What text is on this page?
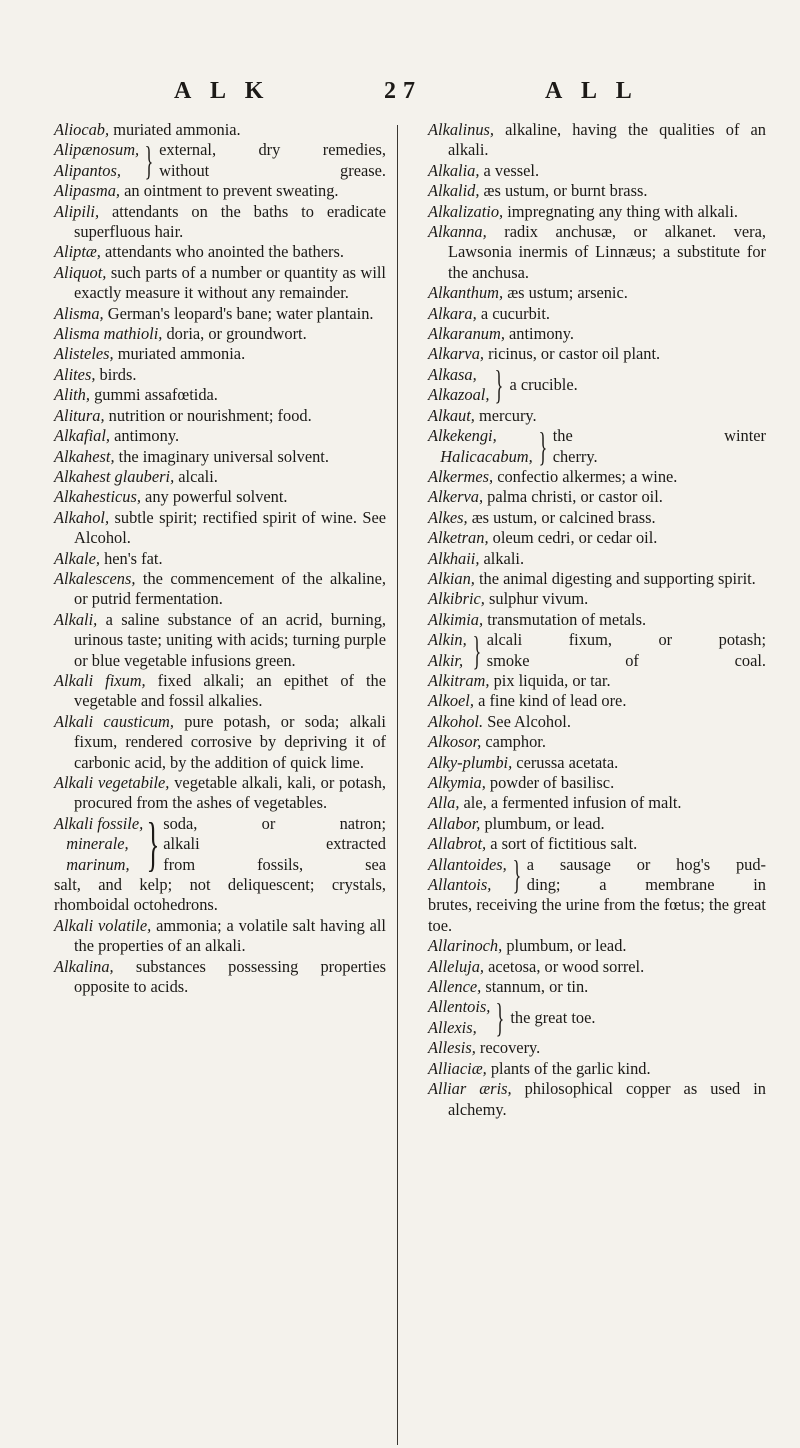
A L K	27	A L L

Aliocab, muriated ammonia.

Alipænosum,
Alipantos, } external, dry remedies,
without grease.

Alipasma, an ointment to prevent sweating.

Alipili, attendants on the baths to eradicate superfluous hair.

Aliptæ, attendants who anointed the bathers.

Aliquot, such parts of a number or quantity as will exactly measure it without any remainder.

Alisma, German's leopard's bane; water plantain.

Alisma mathioli, doria, or groundwort.

Alisteles, muriated ammonia.

Alites, birds.

Alith, gummi assafœtida.

Alitura, nutrition or nourishment; food.

Alkafial, antimony.

Alkahest, the imaginary universal solvent.

Alkahest glauberi, alcali.

Alkahesticus, any powerful solvent.

Alkahol, subtle spirit; rectified spirit of wine. See Alcohol.

Alkale, hen's fat.

Alkalescens, the commencement of the alkaline, or putrid fermentation.

Alkali, a saline substance of an acrid, burning, urinous taste; uniting with acids; turning purple or blue vegetable infusions green.

Alkali fixum, fixed alkali; an epithet of the vegetable and fossil alkalies.

Alkali causticum, pure potash, or soda; alkali fixum, rendered corrosive by depriving it of carbonic acid, by the addition of quick lime.

Alkali vegetabile, vegetable alkali, kali, or potash, procured from the ashes of vegetables.

Alkali fossile,
minerale,
marinum, } soda, or natron;
alkali extracted
from fossils, sea

salt, and kelp; not deliquescent; crystals, rhomboidal octohedrons.

Alkali volatile, ammonia; a volatile salt having all the properties of an alkali.

Alkalina, substances possessing properties opposite to acids.

Alkalinus, alkaline, having the qualities of an alkali.

Alkalia, a vessel.

Alkalid, æs ustum, or burnt brass.

Alkalizatio, impregnating any thing with alkali.

Alkanna, radix anchusæ, or alkanet. vera, Lawsonia inermis of Linnæus; a substitute for the anchusa.

Alkanthum, æs ustum; arsenic.

Alkara, a cucurbit.

Alkaranum, antimony.

Alkarva, ricinus, or castor oil plant.

Alkasa,
Alkazoal, } a crucible.

Alkaut, mercury.

Alkekengi,
Halicacabum, } the winter
cherry.

Alkermes, confectio alkermes; a wine.

Alkerva, palma christi, or castor oil.

Alkes, æs ustum, or calcined brass.

Alketran, oleum cedri, or cedar oil.

Alkhaii, alkali.

Alkian, the animal digesting and supporting spirit.

Alkibric, sulphur vivum.

Alkimia, transmutation of metals.

Alkin,
Alkir, } alcali fixum, or potash;
smoke of coal.

Alkitram, pix liquida, or tar.

Alkoel, a fine kind of lead ore.

Alkohol. See Alcohol.

Alkosor, camphor.

Alky-plumbi, cerussa acetata.

Alkymia, powder of basilisc.

Alla, ale, a fermented infusion of malt.

Allabor, plumbum, or lead.

Allabrot, a sort of fictitious salt.

Allantoides,
Allantois, } a sausage or hog's pud-
ding; a membrane in

brutes, receiving the urine from the fœtus; the great toe.

Allarinoch, plumbum, or lead.

Alleluja, acetosa, or wood sorrel.

Allence, stannum, or tin.

Allentois,
Allexis, } the great toe.

Allesis, recovery.

Alliaciæ, plants of the garlic kind.

Alliar æris, philosophical copper as used in alchemy.
